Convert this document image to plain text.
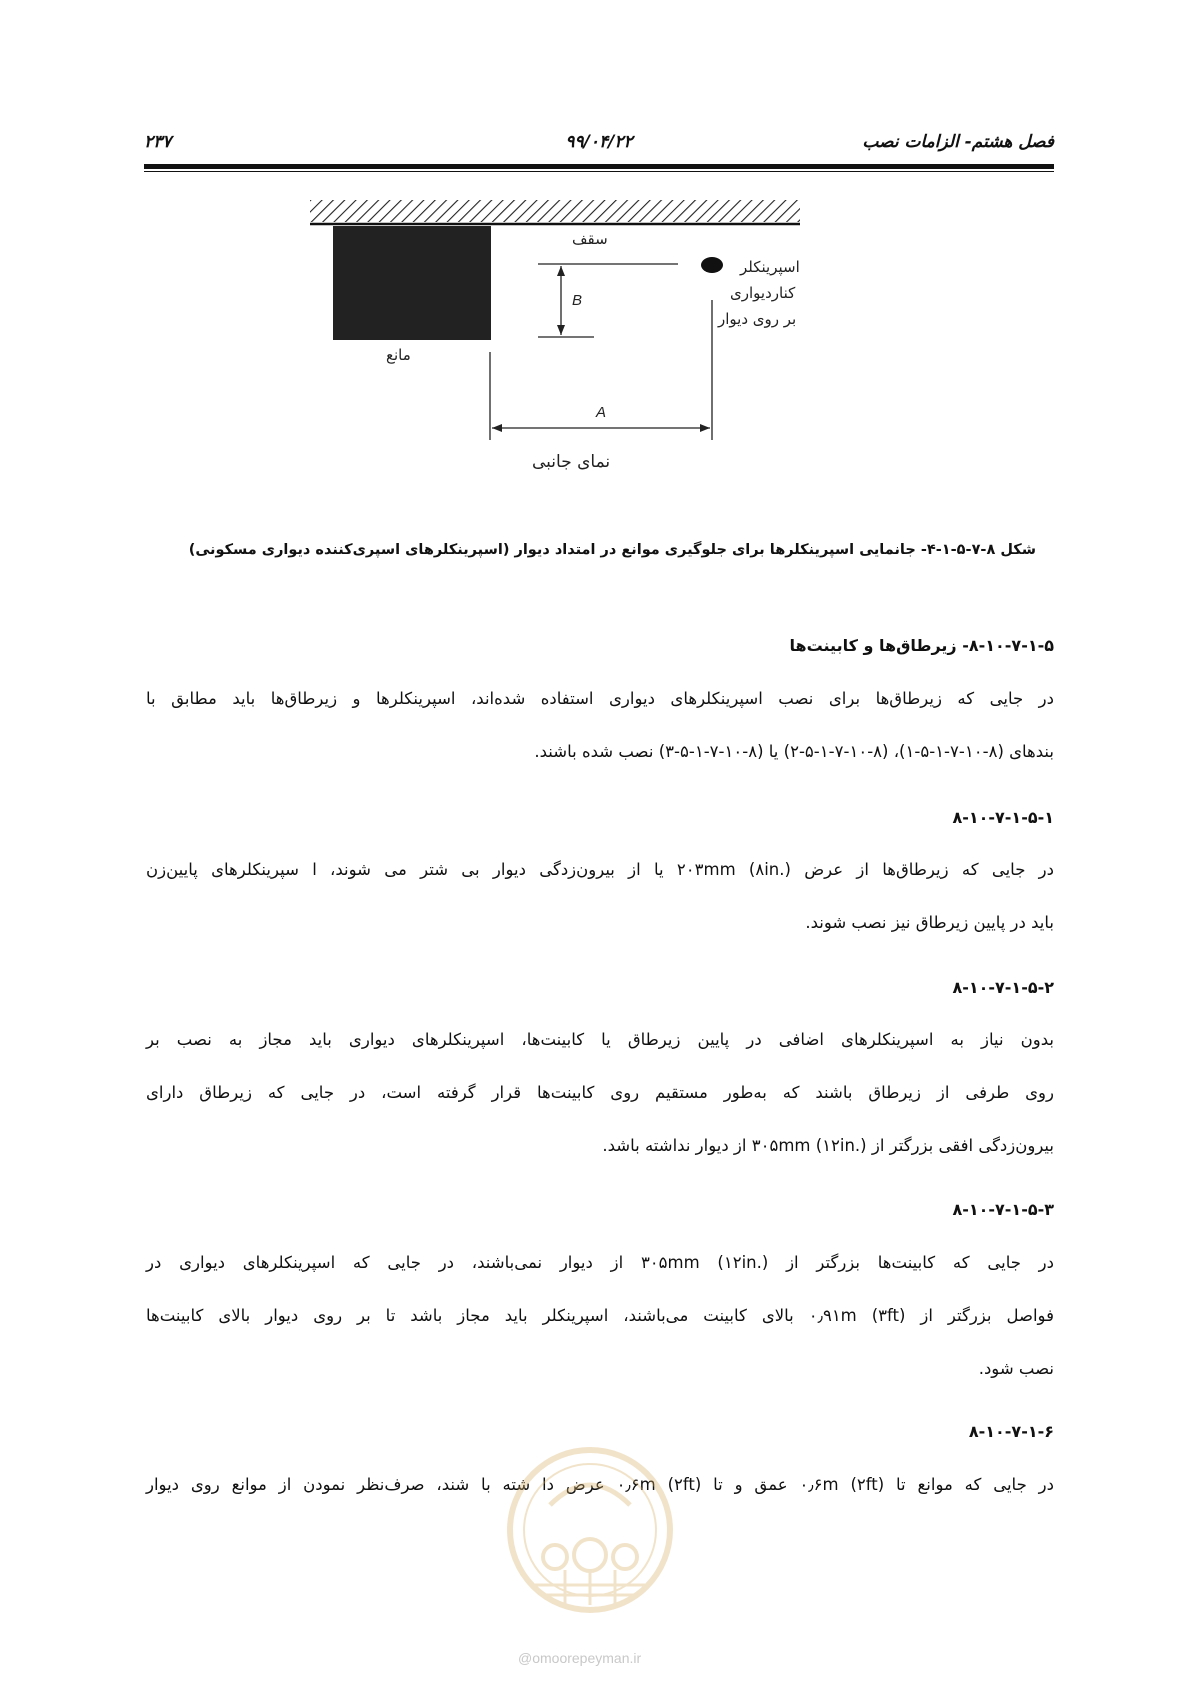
فصل هشتم- الزامات نصب
۹۹/۰۴/۲۲
۲۳۷
سقف
اسپرینکلر
کناردیواری
بر روی دیوار
مانع
B
A
نمای جانبی
شکل ۸-۷-۵-۱-۴- جانمایی اسپرینکلرها برای جلوگیری موانع در امتداد دیوار (اسپرینکلرهای اسپری‌کننده دیواری مسکونی)
۸-۱۰-۷-۱-۵- زیرطاق‌ها و کابینت‌ها
در جایی که زیرطاق‌ها برای نصب اسپرینکلرهای دیواری استفاده شده‌اند، اسپرینکلرها و زیرطاق‌ها باید مطابق با
بندهای (۸-۱۰-۷-۱-۵-۱)، (۸-۱۰-۷-۱-۵-۲) یا (۸-۱۰-۷-۱-۵-۳) نصب شده باشند.
۸-۱۰-۷-۱-۵-۱
در جایی که زیرطاق‌ها از عرض ۲۰۳mm (۸in.) یا از بیرون‌زدگی دیوار بی شتر می شوند، ا سپرینکلرهای پایین‌زن
باید در پایین زیرطاق نیز نصب شوند.
۸-۱۰-۷-۱-۵-۲
بدون نیاز به اسپرینکلرهای اضافی در پایین زیرطاق یا کابینت‌ها، اسپرینکلرهای دیواری باید مجاز به نصب بر
روی طرفی از زیرطاق باشند که به‌طور مستقیم روی کابینت‌ها قرار گرفته است، در جایی که زیرطاق دارای
بیرون‌زدگی افقی بزرگتر از ۳۰۵mm (۱۲in.) از دیوار نداشته باشد.
۸-۱۰-۷-۱-۵-۳
در جایی که کابینت‌ها بزرگتر از ۳۰۵mm (۱۲in.) از دیوار نمی‌باشند، در جایی که اسپرینکلرهای دیواری در
فواصل بزرگتر از ۰٫۹۱m (۳ft) بالای کابینت می‌باشند، اسپرینکلر باید مجاز باشد تا بر روی دیوار بالای کابینت‌ها
نصب شود.
۸-۱۰-۷-۱-۶
در جایی که موانع تا ۰٫۶m (۲ft) عمق و تا ۰٫۶m (۲ft) عرض دا شته با شند، صرف‌نظر نمودن از موانع روی دیوار
@omoorepeyman.ir
